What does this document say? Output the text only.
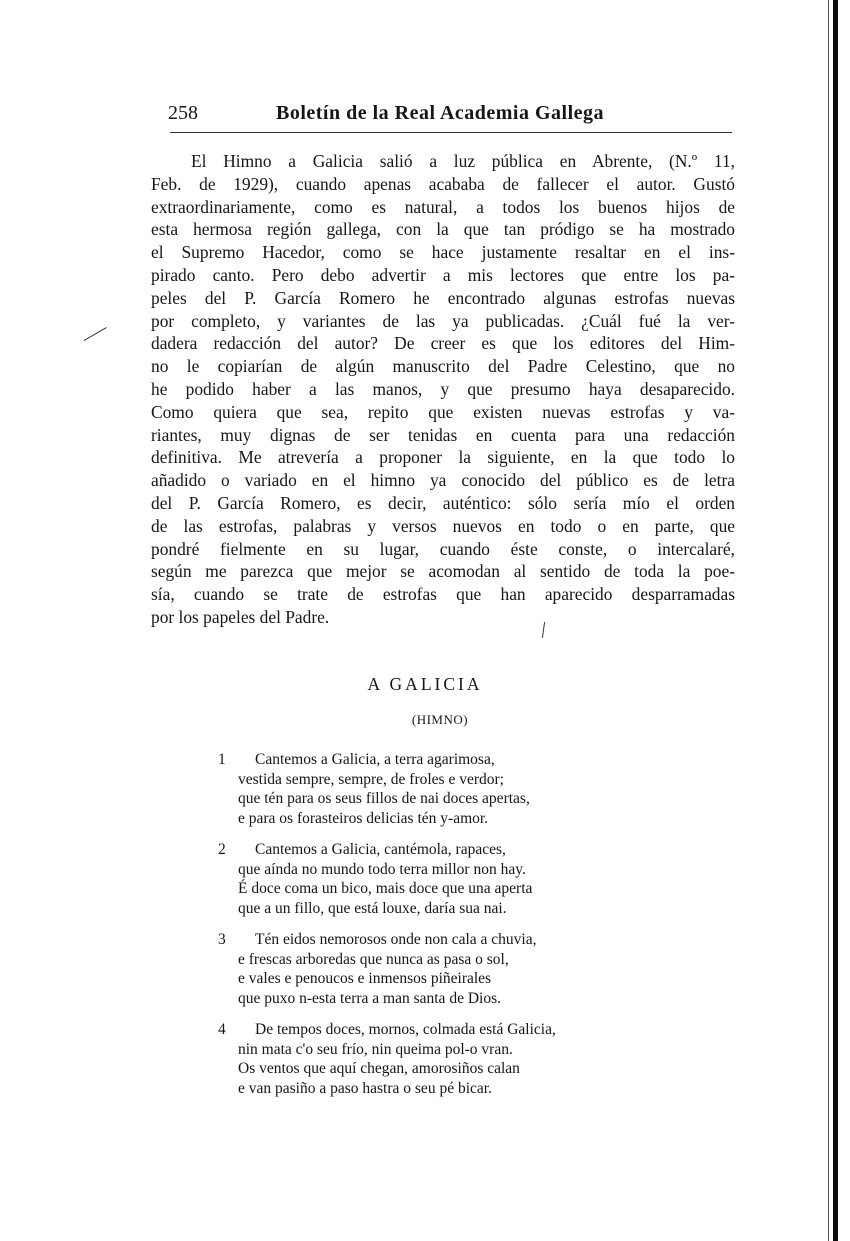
258	Boletín de la Real Academia Gallega
El Himno a Galicia salió a luz pública en Abrente, (N.º 11,
Feb. de 1929), cuando apenas acababa de fallecer el autor. Gustó
extraordinariamente, como es natural, a todos los buenos hijos de
esta hermosa región gallega, con la que tan pródigo se ha mostrado
el Supremo Hacedor, como se hace justamente resaltar en el ins-
pirado canto. Pero debo advertir a mis lectores que entre los pa-
peles del P. García Romero he encontrado algunas estrofas nuevas
por completo, y variantes de las ya publicadas. ¿Cuál fué la ver-
dadera redacción del autor? De creer es que los editores del Him-
no le copiarían de algún manuscrito del Padre Celestino, que no
he podido haber a las manos, y que presumo haya desaparecido.
Como quiera que sea, repito que existen nuevas estrofas y va-
riantes, muy dignas de ser tenidas en cuenta para una redacción
definitiva. Me atrevería a proponer la siguiente, en la que todo lo
añadido o variado en el himno ya conocido del público es de letra
del P. García Romero, es decir, auténtico: sólo sería mío el orden
de las estrofas, palabras y versos nuevos en todo o en parte, que
pondré fielmente en su lugar, cuando éste conste, o intercalaré,
según me parezca que mejor se acomodan al sentido de toda la poe-
sía, cuando se trate de estrofas que han aparecido desparramadas
por los papeles del Padre.
A GALICIA
(HIMNO)
1 Cantemos a Galicia, a terra agarimosa,
vestida sempre, sempre, de froles e verdor;
que tén para os seus fillos de nai doces apertas,
e para os forasteiros delicias tén y-amor.
2 Cantemos a Galicia, cantémola, rapaces,
que aínda no mundo todo terra millor non hay.
É doce coma un bico, mais doce que una aperta
que a un fillo, que está louxe, daría sua nai.
3 Tén eidos nemorosos onde non cala a chuvia,
e frescas arboredas que nunca as pasa o sol,
e vales e penoucos e inmensos piñeirales
que puxo n-esta terra a man santa de Dios.
4 De tempos doces, mornos, colmada está Galicia,
nin mata c'o seu frío, nin queima pol-o vran.
Os ventos que aquí chegan, amorosiños calan
e van pasiño a paso hastra o seu pé bicar.
